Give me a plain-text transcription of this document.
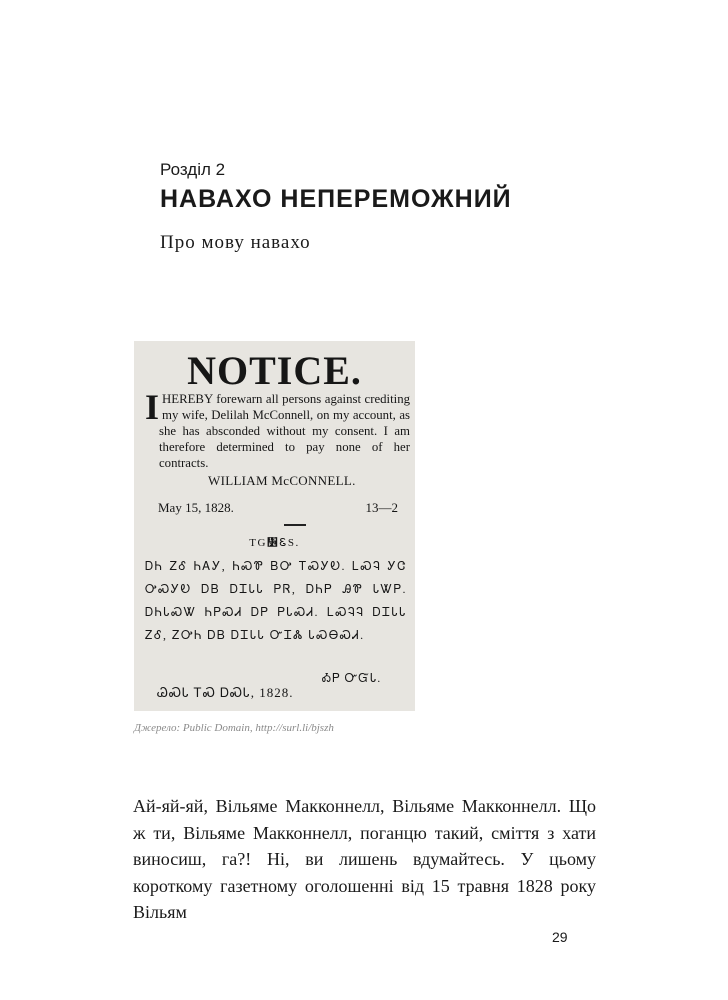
Розділ 2
НАВАХО НЕПЕРЕМОЖНИЙ
Про мову навахо
NOTICE.
I HEREBY forewarn all persons against crediting my wife, Delilah McConnell, on my account, as she has absconded without my consent. I am therefore determined to pay none of her contracts.
WILLIAM McCONNELL.
May 15, 1828.	13—2
TG᏶ᏋS.
ᎠᏂ ᏃᎴ ᏂᎪᎩ, ᏂᏍᏈ ᏴᎤ ᎢᏍᎩᎧ. ᏞᏍᎸ ᎩᏣ ᎤᏍᎩᎧ ᎠᏴ ᎠᏆᏓᏓ ᏢᏒ, ᎠᏂᏢ ᎯᏈ ᏓᏔᏢ. ᎠᏂᏓᏍᏔ ᏂᏢᏍᏗ ᎠᏢ ᏢᏓᏍᏗ. ᏞᏍᎸᎸ ᎠᏆᏓᏓ ᏃᎴ, ᏃᎤᏂ ᎠᏴ ᎠᏆᏓᏓ ᏅᏆᏜ ᏓᏍᎾᏍᏗ.
ᎣᏢ ᏅᏳᏓ.
ᏊᏍᏓ ᎢᏍ ᎠᏍᏓ, 1828.
Джерело: Public Domain, http://surl.li/bjszh

Ай-яй-яй, Вільяме Макконнелл, Вільяме Макконнелл. Що ж ти, Вільяме Макконнелл, поганцю такий, сміття з хати виносиш, га?! Ні, ви лишень вдумайтесь. У цьому короткому газетному оголошенні від 15 травня 1828 року Вільям

29
